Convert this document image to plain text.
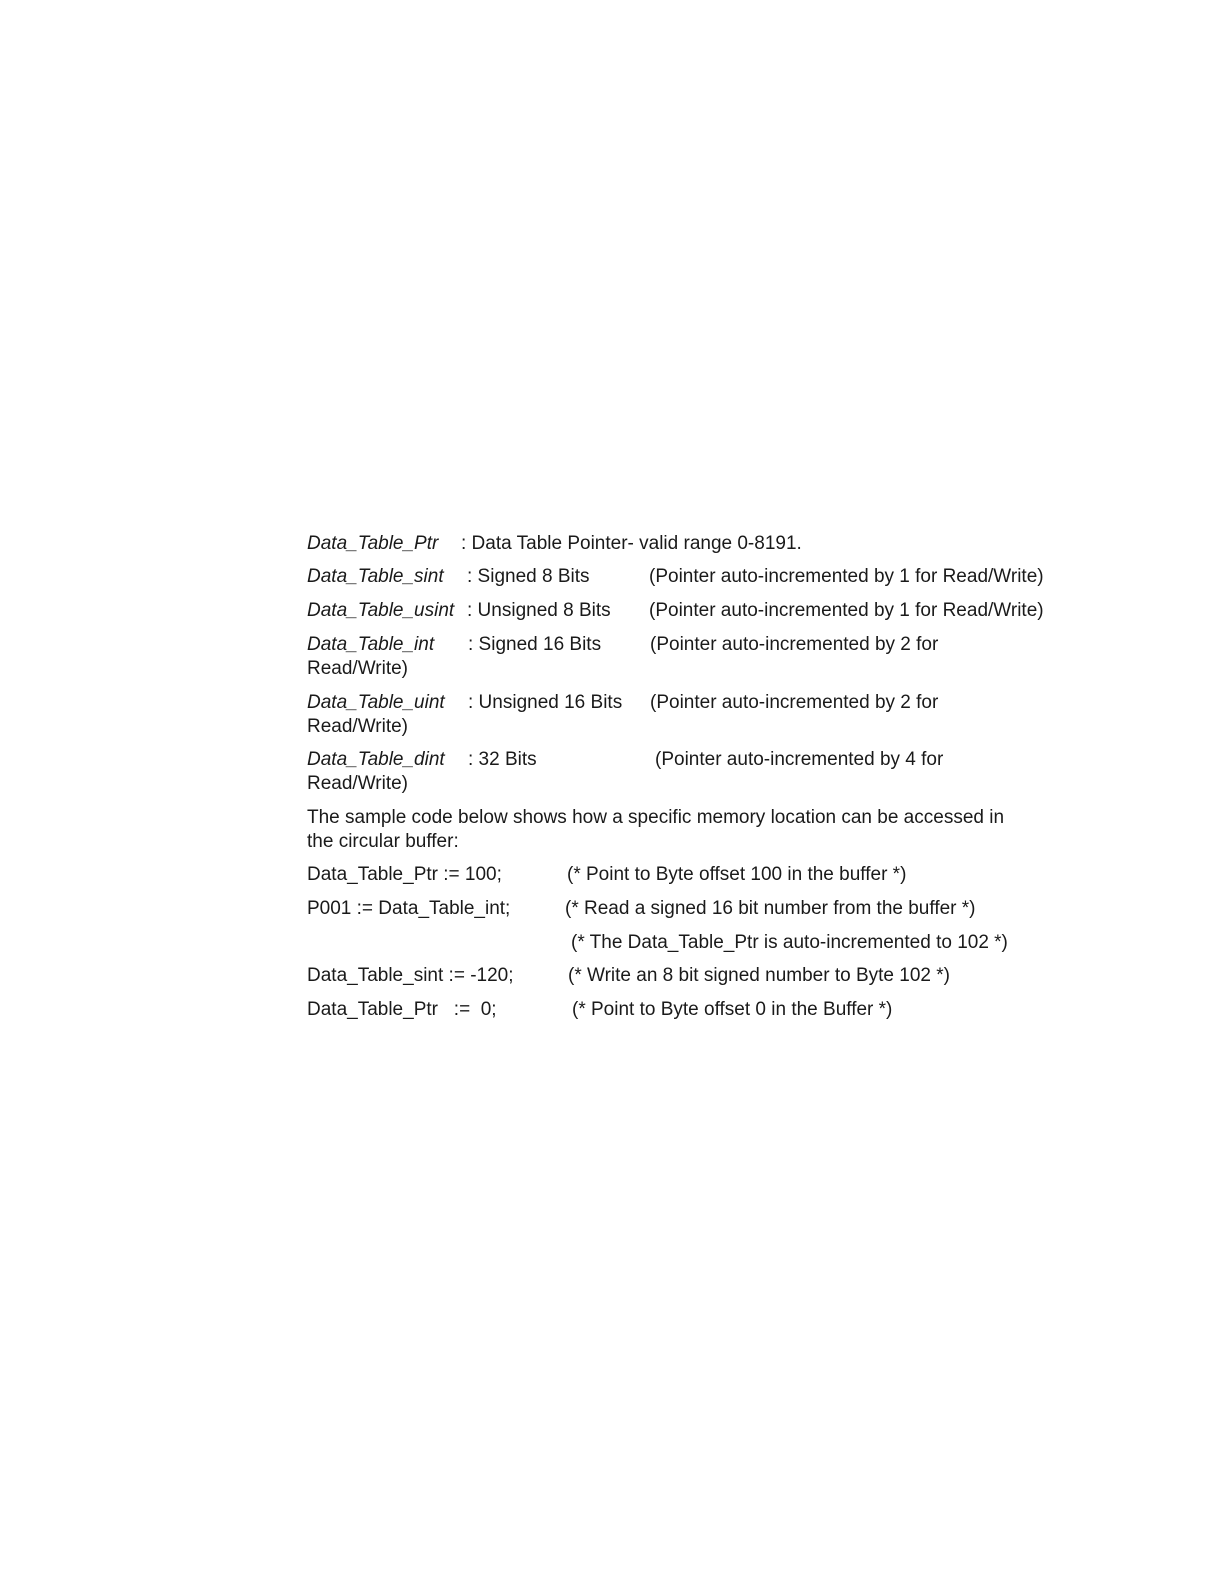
Data_Table_Ptr : Data Table Pointer- valid range 0-8191.
Data_Table_sint : Signed 8 Bits	(Pointer auto-incremented by 1 for Read/Write)
Data_Table_usint : Unsigned 8 Bits (Pointer auto-incremented by 1 for Read/Write)
Data_Table_int : Signed 16 Bits	(Pointer auto-incremented by 2 for
Read/Write)
Data_Table_uint : Unsigned 16 Bits (Pointer auto-incremented by 2 for
Read/Write)
Data_Table_dint : 32 Bits	(Pointer auto-incremented by 4 for
Read/Write)
The sample code below shows how a specific memory location can be accessed in
the circular buffer:
Data_Table_Ptr := 100;	(* Point to Byte offset 100 in the buffer *)
P001 := Data_Table_int;	(* Read a signed 16 bit number from the buffer *)
(* The Data_Table_Ptr is auto-incremented to 102 *)
Data_Table_sint := -120;	(* Write an 8 bit signed number to Byte 102 *)
Data_Table_Ptr   :=  0;	(* Point to Byte offset 0 in the Buffer *)
